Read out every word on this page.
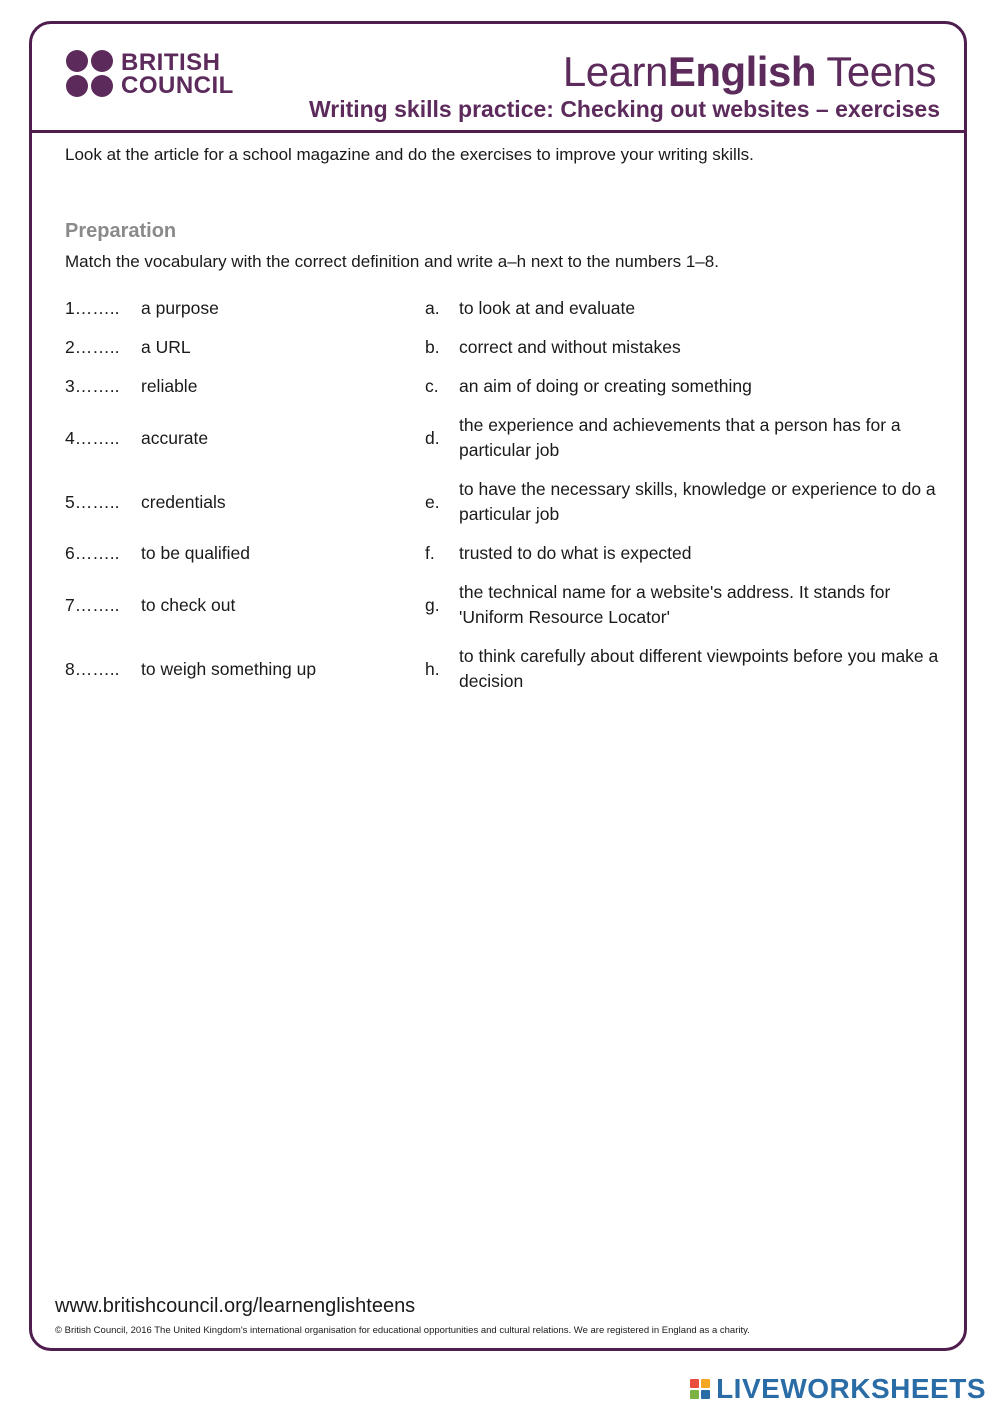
BRITISH
COUNCIL	LearnEnglish Teens
Writing skills practice: Checking out websites – exercises
Look at the article for a school magazine and do the exercises to improve your writing skills.
Preparation
Match the vocabulary with the correct definition and write a–h next to the numbers 1–8.
1……..	a purpose	a.	to look at and evaluate
2……..	a URL	b.	correct and without mistakes
3……..	reliable	c.	an aim of doing or creating something
4……..	accurate	d.
the experience and achievements that a person has for a particular job
5……..	credentials	e.
to have the necessary skills, knowledge or experience to do a particular job
6……..	to be qualified	f.	trusted to do what is expected
7……..	to check out	g.
the technical name for a website's address. It stands for 'Uniform Resource Locator'
8……..	to weigh something up	h.
to think carefully about different viewpoints before you make a decision
www.britishcouncil.org/learnenglishteens
© British Council, 2016 The United Kingdom's international organisation for educational opportunities and cultural relations. We are registered in England as a charity.
LIVEWORKSHEETS
